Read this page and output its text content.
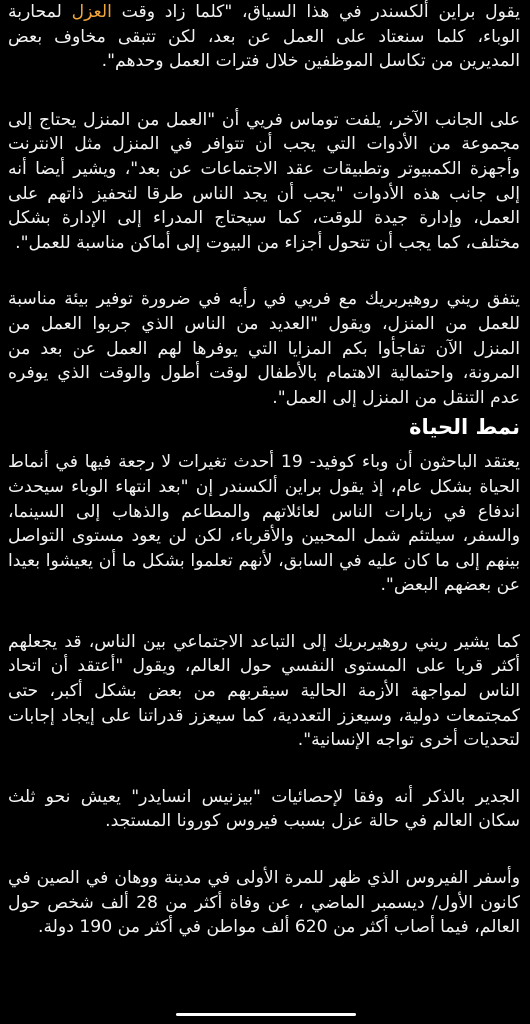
يقول براين ألكسندر في هذا السياق، "كلما زاد وقت العزل لمحاربة الوباء، كلما سنعتاد على العمل عن بعد، لكن تتبقى مخاوف بعض المديرين من تكاسل الموظفين خلال فترات العمل وحدهم".

على الجانب الآخر، يلفت توماس فريي أن "العمل من المنزل يحتاج إلى مجموعة من الأدوات التي يجب أن تتوافر في المنزل مثل الانترنت وأجهزة الكمبيوتر وتطبيقات عقد الاجتماعات عن بعد"، ويشير أيضا أنه إلى جانب هذه الأدوات "يجب أن يجد الناس طرقا لتحفيز ذاتهم على العمل، وإدارة جيدة للوقت، كما سيحتاج المدراء إلى الإدارة بشكل مختلف، كما يجب أن تتحول أجزاء من البيوت إلى أماكن مناسبة للعمل".

يتفق ريني روهيربريك مع فريي في رأيه في ضرورة توفير بيئة مناسبة للعمل من المنزل، ويقول "العديد من الناس الذي جربوا العمل من المنزل الآن تفاجأوا بكم المزايا التي يوفرها لهم العمل عن بعد من المرونة، واحتمالية الاهتمام بالأطفال لوقت أطول والوقت الذي يوفره عدم التنقل من المنزل إلى العمل".

نمط الحياة

يعتقد الباحثون أن وباء كوفيد- 19 أحدث تغيرات لا رجعة فيها في أنماط الحياة بشكل عام، إذ يقول براين ألكسندر إن "بعد انتهاء الوباء سيحدث اندفاع في زيارات الناس لعائلاتهم والمطاعم والذهاب إلى السينما، والسفر، سيلتئم شمل المحبين والأقرباء، لكن لن يعود مستوى التواصل بينهم إلى ما كان عليه في السابق، لأنهم تعلموا بشكل ما أن يعيشوا بعيدا عن بعضهم البعض".

كما يشير ريني روهيربريك إلى التباعد الاجتماعي بين الناس، قد يجعلهم أكثر قربا على المستوى النفسي حول العالم، ويقول "أعتقد أن اتحاد الناس لمواجهة الأزمة الحالية سيقربهم من بعض بشكل أكبر، حتى كمجتمعات دولية، وسيعزز التعددية، كما سيعزز قدراتنا على إيجاد إجابات لتحديات أخرى تواجه الإنسانية".

الجدير بالذكر أنه وفقا لإحصائيات "بيزنيس انسايدر" يعيش نحو ثلث سكان العالم في حالة عزل بسبب فيروس كورونا المستجد.

وأسفر الفيروس الذي ظهر للمرة الأولى في مدينة ووهان في الصين في كانون الأول/ ديسمبر الماضي ، عن وفاة أكثر من 28 ألف شخص حول العالم، فيما أصاب أكثر من 620 ألف مواطن في أكثر من 190 دولة.
